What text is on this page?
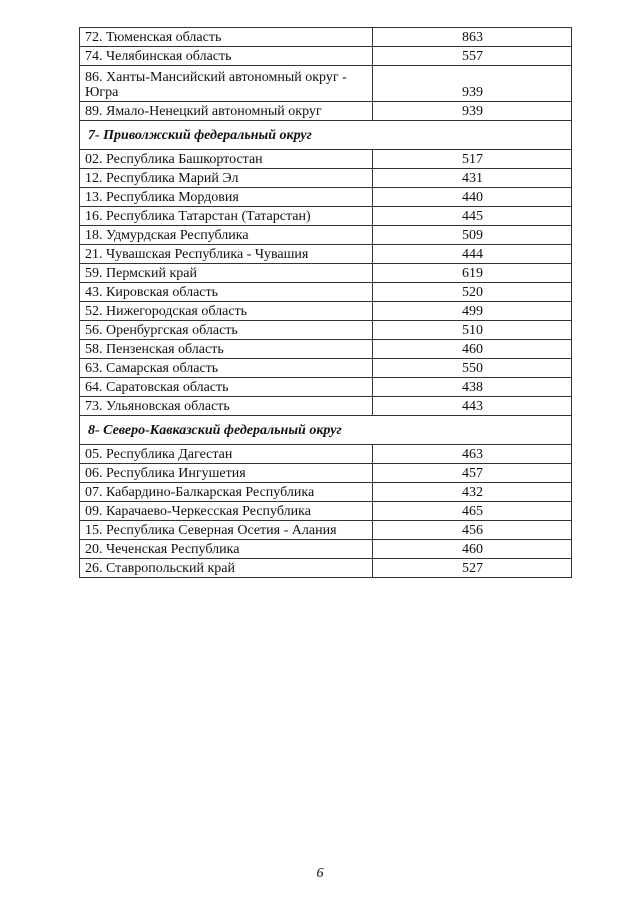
72. Тюменская область	863
74. Челябинская область	557
86. Ханты-Мансийский автономный округ - Югра	939
89. Ямало-Ненецкий автономный округ	939
7- Приволжский федеральный округ	
02. Республика Башкортостан	517
12. Республика Марий Эл	431
13. Республика Мордовия	440
16. Республика Татарстан (Татарстан)	445
18. Удмурдская Республика	509
21. Чувашская Республика - Чувашия	444
59. Пермский край	619
43. Кировская область	520
52. Нижегородская область	499
56. Оренбургская область	510
58. Пензенская область	460
63. Самарская область	550
64. Саратовская область	438
73. Ульяновская область	443
8- Северо-Кавказский федеральный округ	
05. Республика Дагестан	463
06. Республика Ингушетия	457
07. Кабардино-Балкарская Республика	432
09. Карачаево-Черкесская Республика	465
15. Республика Северная Осетия - Алания	456
20. Чеченская Республика	460
26. Ставропольский край	527
6
